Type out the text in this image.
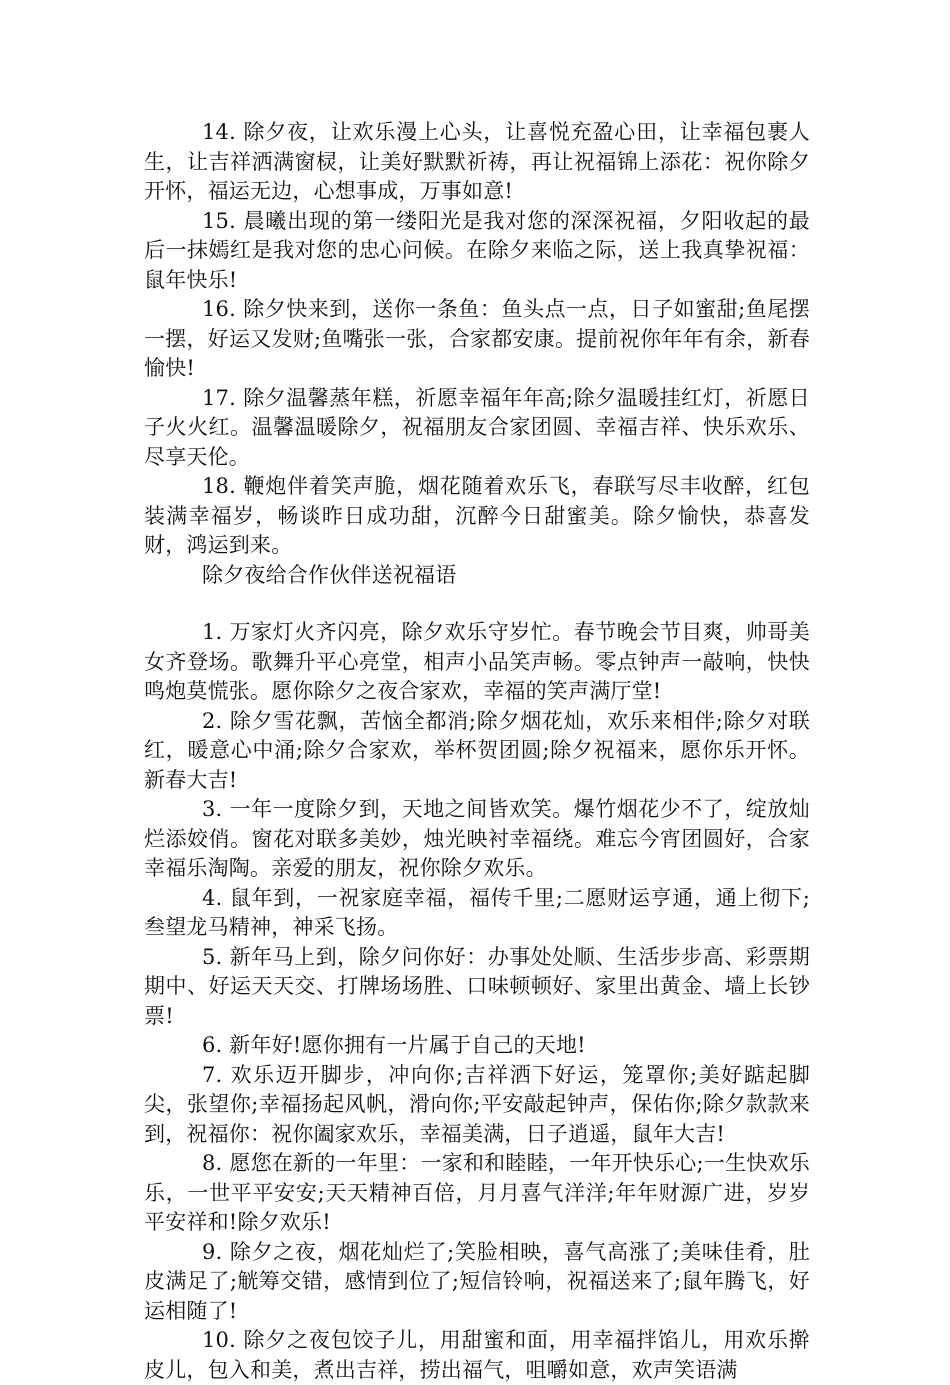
14. 除夕夜，让欢乐漫上心头，让喜悦充盈心田，让幸福包裹人生，让吉祥洒满窗棂，让美好默默祈祷，再让祝福锦上添花：祝你除夕开怀，福运无边，心想事成，万事如意!

15. 晨曦出现的第一缕阳光是我对您的深深祝福，夕阳收起的最后一抹嫣红是我对您的忠心问候。在除夕来临之际，送上我真挚祝福：鼠年快乐!

16. 除夕快来到，送你一条鱼：鱼头点一点，日子如蜜甜;鱼尾摆一摆，好运又发财;鱼嘴张一张，合家都安康。提前祝你年年有余，新春愉快!

17. 除夕温馨蒸年糕，祈愿幸福年年高;除夕温暖挂红灯，祈愿日子火火红。温馨温暖除夕，祝福朋友合家团圆、幸福吉祥、快乐欢乐、尽享天伦。

18. 鞭炮伴着笑声脆，烟花随着欢乐飞，春联写尽丰收醉，红包装满幸福岁，畅谈昨日成功甜，沉醉今日甜蜜美。除夕愉快，恭喜发财，鸿运到来。

除夕夜给合作伙伴送祝福语

1. 万家灯火齐闪亮，除夕欢乐守岁忙。春节晚会节目爽，帅哥美女齐登场。歌舞升平心亮堂，相声小品笑声畅。零点钟声一敲响，快快鸣炮莫慌张。愿你除夕之夜合家欢，幸福的笑声满厅堂!

2. 除夕雪花飘，苦恼全都消;除夕烟花灿，欢乐来相伴;除夕对联红，暖意心中涌;除夕合家欢，举杯贺团圆;除夕祝福来，愿你乐开怀。新春大吉!

3. 一年一度除夕到，天地之间皆欢笑。爆竹烟花少不了，绽放灿烂添姣俏。窗花对联多美妙，烛光映衬幸福绕。难忘今宵团圆好，合家幸福乐淘陶。亲爱的朋友，祝你除夕欢乐。

4. 鼠年到，一祝家庭幸福，福传千里;二愿财运亨通，通上彻下;叁望龙马精神，神采飞扬。

5. 新年马上到，除夕问你好：办事处处顺、生活步步高、彩票期期中、好运天天交、打牌场场胜、口味顿顿好、家里出黄金、墙上长钞票!

6. 新年好!愿你拥有一片属于自己的天地!

7. 欢乐迈开脚步，冲向你;吉祥洒下好运，笼罩你;美好踮起脚尖，张望你;幸福扬起风帆，滑向你;平安敲起钟声，保佑你;除夕款款来到，祝福你：祝你阖家欢乐，幸福美满，日子逍遥，鼠年大吉!

8. 愿您在新的一年里：一家和和睦睦，一年开快乐心;一生快欢乐乐，一世平平安安;天天精神百倍，月月喜气洋洋;年年财源广进，岁岁平安祥和!除夕欢乐!

9. 除夕之夜，烟花灿烂了;笑脸相映，喜气高涨了;美味佳肴，肚皮满足了;觥筹交错，感情到位了;短信铃响，祝福送来了;鼠年腾飞，好运相随了!

10. 除夕之夜包饺子儿，用甜蜜和面，用幸福拌馅儿，用欢乐擀皮儿，包入和美，煮出吉祥，捞出福气，咀嚼如意，欢声笑语满
